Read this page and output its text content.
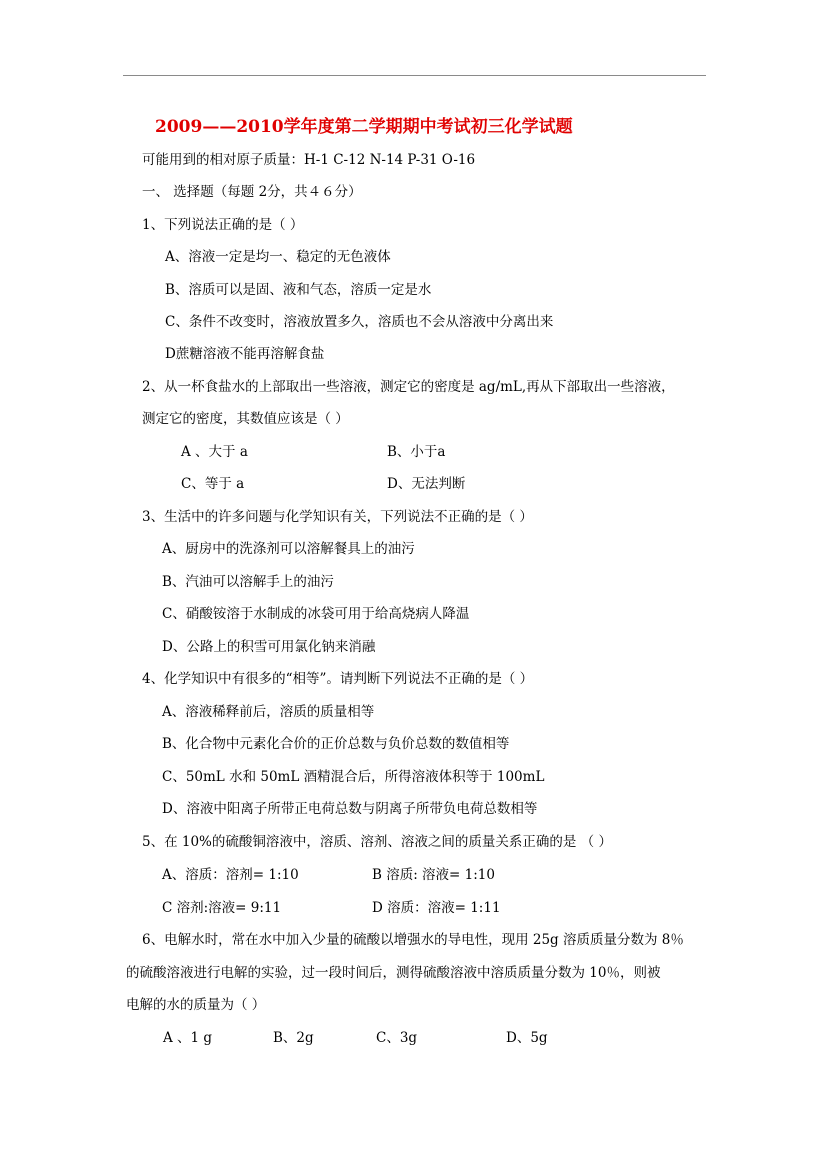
2009——2010学年度第二学期期中考试初三化学试题
可能用到的相对原子质量：H-1 C-12 N-14 P-31 O-16
一、 选择题（每题 2分，共４６分）
1、下列说法正确的是（ ）
A、溶液一定是均一、稳定的无色液体
B、溶质可以是固、液和气态，溶质一定是水
C、条件不改变时，溶液放置多久，溶质也不会从溶液中分离出来
D蔗糖溶液不能再溶解食盐
2、从一杯食盐水的上部取出一些溶液，测定它的密度是 ag/mL,再从下部取出一些溶液，
测定它的密度，其数值应该是（ ）
A 、大于 a	B、小于a
C、等于 a	D、无法判断
3、生活中的许多问题与化学知识有关，下列说法不正确的是（ ）
A、厨房中的洗涤剂可以溶解餐具上的油污
B、汽油可以溶解手上的油污
C、硝酸铵溶于水制成的冰袋可用于给高烧病人降温
D、公路上的积雪可用氯化钠来消融
4、化学知识中有很多的“相等”。请判断下列说法不正确的是（ ）
A、溶液稀释前后，溶质的质量相等
B、化合物中元素化合价的正价总数与负价总数的数值相等
C、50mL 水和 50mL 酒精混合后，所得溶液体积等于 100mL
D、溶液中阳离子所带正电荷总数与阴离子所带负电荷总数相等
5、在 10%的硫酸铜溶液中，溶质、溶剂、溶液之间的质量关系正确的是 （ ）
A、溶质：溶剂= 1:10	B 溶质: 溶液= 1:10
C 溶剂:溶液= 9:11	D 溶质：溶液= 1:11
6、电解水时，常在水中加入少量的硫酸以增强水的导电性，现用 25g 溶质质量分数为 8％
的硫酸溶液进行电解的实验，过一段时间后，测得硫酸溶液中溶质质量分数为 10％，则被
电解的水的质量为（ ）
A 、1 g	B、2g	C、3g	D、5g
